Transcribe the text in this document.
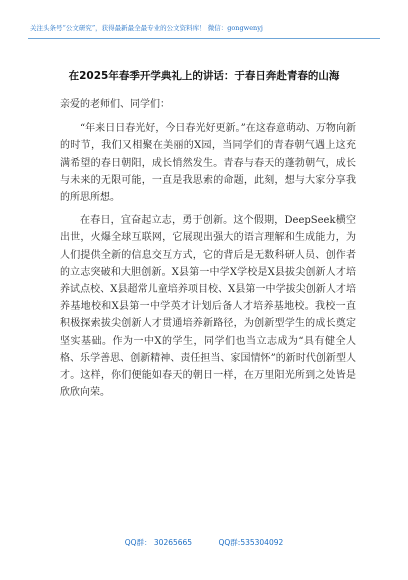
关注头条号“公文研究”，获得最新最全最专业的公文资料库！ 微信：gongwenyj
在2025年春季开学典礼上的讲话：于春日奔赴青春的山海

亲爱的老师们、同学们：

“年来日日春光好，今日春光好更新。”在这春意萌动、万物向新的时节，我们又相聚在美丽的X园，当同学们的青春朝气遇上这充满希望的春日朝阳，成长悄然发生。青春与春天的蓬勃朝气，成长与未来的无限可能，一直是我思索的命题，此刻，想与大家分享我的所思所想。

在春日，宜奋起立志，勇于创新。这个假期，DeepSeek横空出世，火爆全球互联网，它展现出强大的语言理解和生成能力，为人们提供全新的信息交互方式，它的背后是无数科研人员、创作者的立志突破和大胆创新。X县第一中学X学校是X县拔尖创新人才培养试点校、X县超常儿童培养项目校、X县第一中学拔尖创新人才培养基地校和X县第一中学英才计划后备人才培养基地校。我校一直积极探索拔尖创新人才贯通培养新路径，为创新型学生的成长奠定坚实基础。作为一中X的学生，同学们也当立志成为“具有健全人格、乐学善思、创新精神、责任担当、家国情怀”的新时代创新型人才。这样，你们便能如春天的朝日一样，在万里阳光所到之处皆是欣欣向荣。

QQ群： 30265665	QQ群:535304092
